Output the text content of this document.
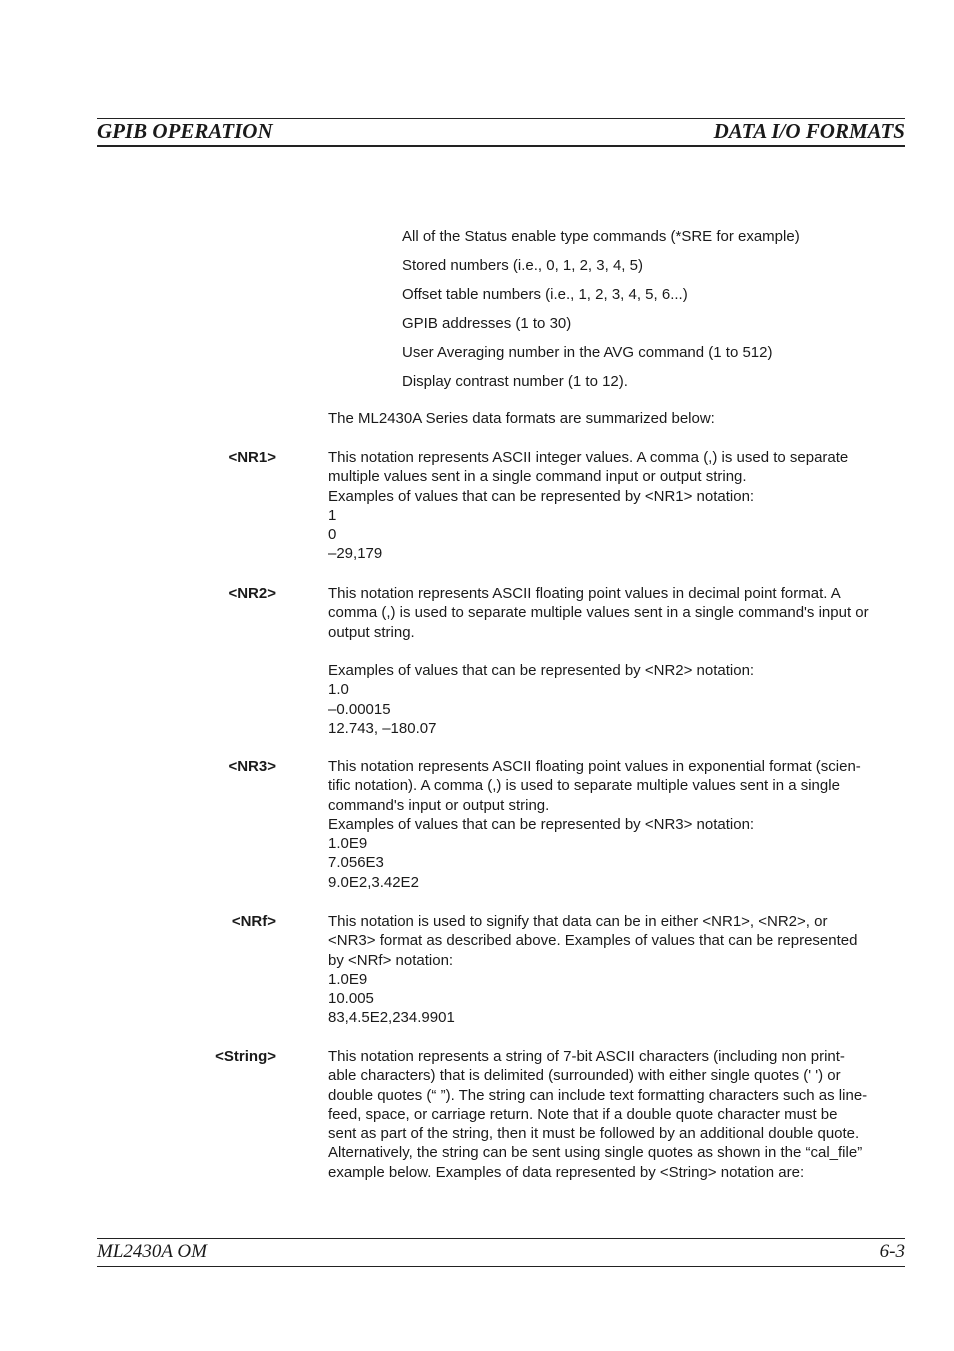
GPIB OPERATION	DATA I/O FORMATS
All of the Status enable type commands (*SRE for example)
Stored numbers (i.e., 0, 1, 2, 3, 4, 5)
Offset table numbers (i.e., 1, 2, 3, 4, 5, 6...)
GPIB addresses (1 to 30)
User Averaging number in the AVG command (1 to 512)
Display contrast number (1 to 12).
The ML2430A Series data formats are summarized below:
<NR1>	This notation represents ASCII integer values. A comma (,) is used to separate
multiple values sent in a single command input or output string.
Examples of values that can be represented by <NR1> notation:
1
0
–29,179
<NR2>	This notation represents ASCII floating point values in decimal point format. A
comma (,) is used to separate multiple values sent in a single command's input or
output string.
Examples of values that can be represented by <NR2> notation:
1.0
–0.00015
12.743, –180.07
<NR3>	This notation represents ASCII floating point values in exponential format (scien-
tific notation). A comma (,) is used to separate multiple values sent in a single
command's input or output string.
Examples of values that can be represented by <NR3> notation:
1.0E9
7.056E3
9.0E2,3.42E2
<NRf>	This notation is used to signify that data can be in either <NR1>, <NR2>, or
<NR3> format as described above. Examples of values that can be represented
by <NRf> notation:
1.0E9
10.005
83,4.5E2,234.9901
<String>	This notation represents a string of 7-bit ASCII characters (including non print-
able characters) that is delimited (surrounded) with either single quotes (' ') or
double quotes (“ ”). The string can include text formatting characters such as line-
feed, space, or carriage return. Note that if a double quote character must be
sent as part of the string, then it must be followed by an additional double quote.
Alternatively, the string can be sent using single quotes as shown in the “cal_file”
example below. Examples of data represented by <String> notation are:
ML2430A OM	6-3
